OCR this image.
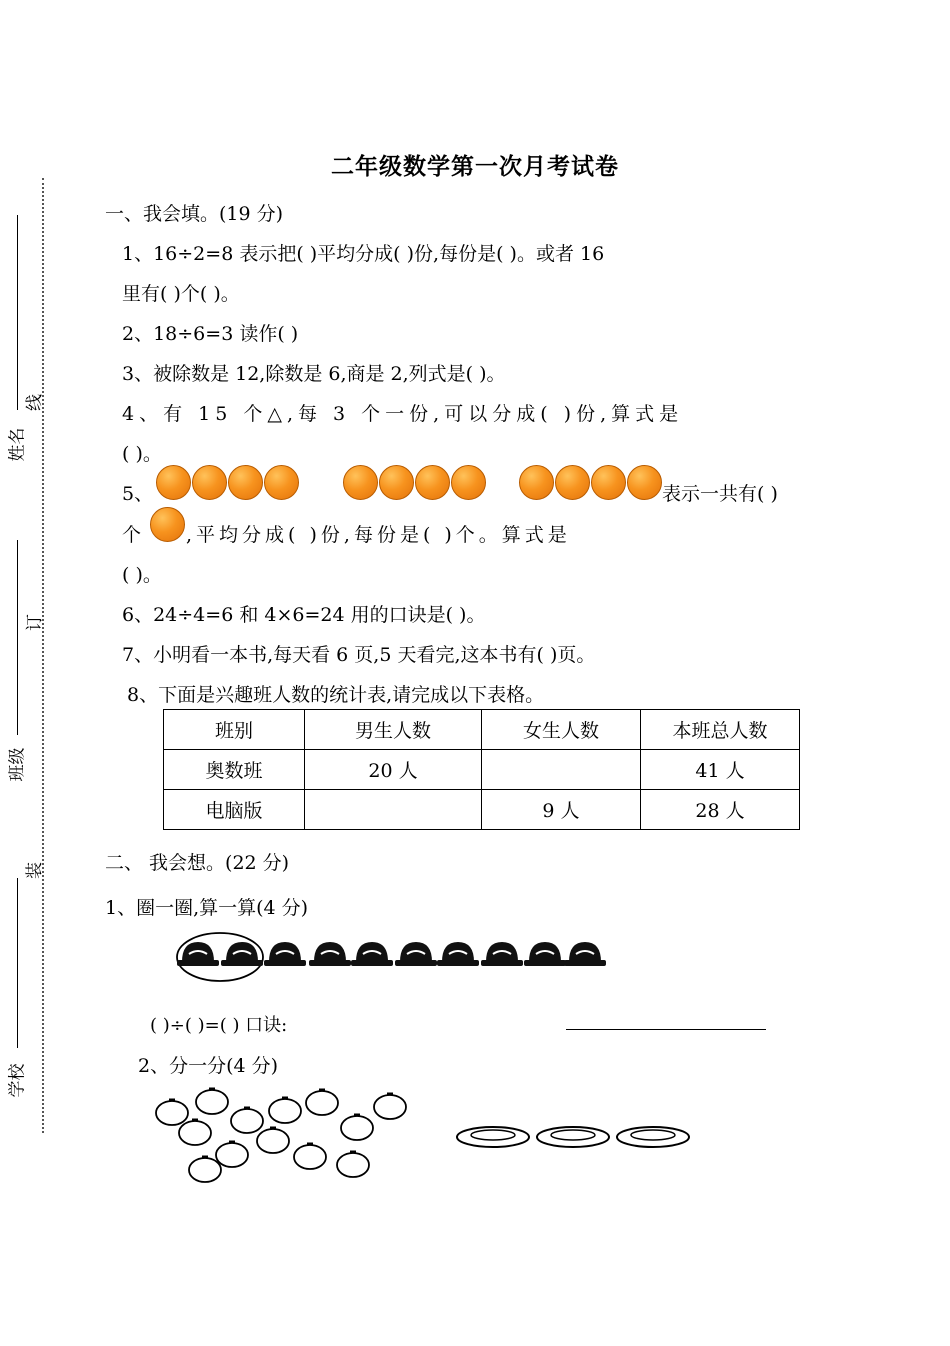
线
订
装
姓名
班级
学校
二年级数学第一次月考试卷
一、我会填。(19 分)
1、16÷2=8 表示把( )平均分成( )份,每份是( )。或者 16
里有( )个( )。
2、18÷6=3 读作( )
3、被除数是 12,除数是 6,商是 2,列式是( )。
4、有 15 个△,每 3 个一份,可以分成( )份,算式是
( )。
5、	表示一共有( )
个 ,平均分成( )份,每份是( )个。算式是
( )。
6、24÷4=6 和 4×6=24 用的口诀是( )。
7、小明看一本书,每天看 6 页,5 天看完,这本书有( )页。
8、下面是兴趣班人数的统计表,请完成以下表格。
班别	男生人数	女生人数	本班总人数
奥数班	20 人		41 人
电脑版		9 人	28 人
二、 我会想。(22 分)
1、圈一圈,算一算(4 分)
( )÷( )=( ) 口诀:
2、分一分(4 分)
